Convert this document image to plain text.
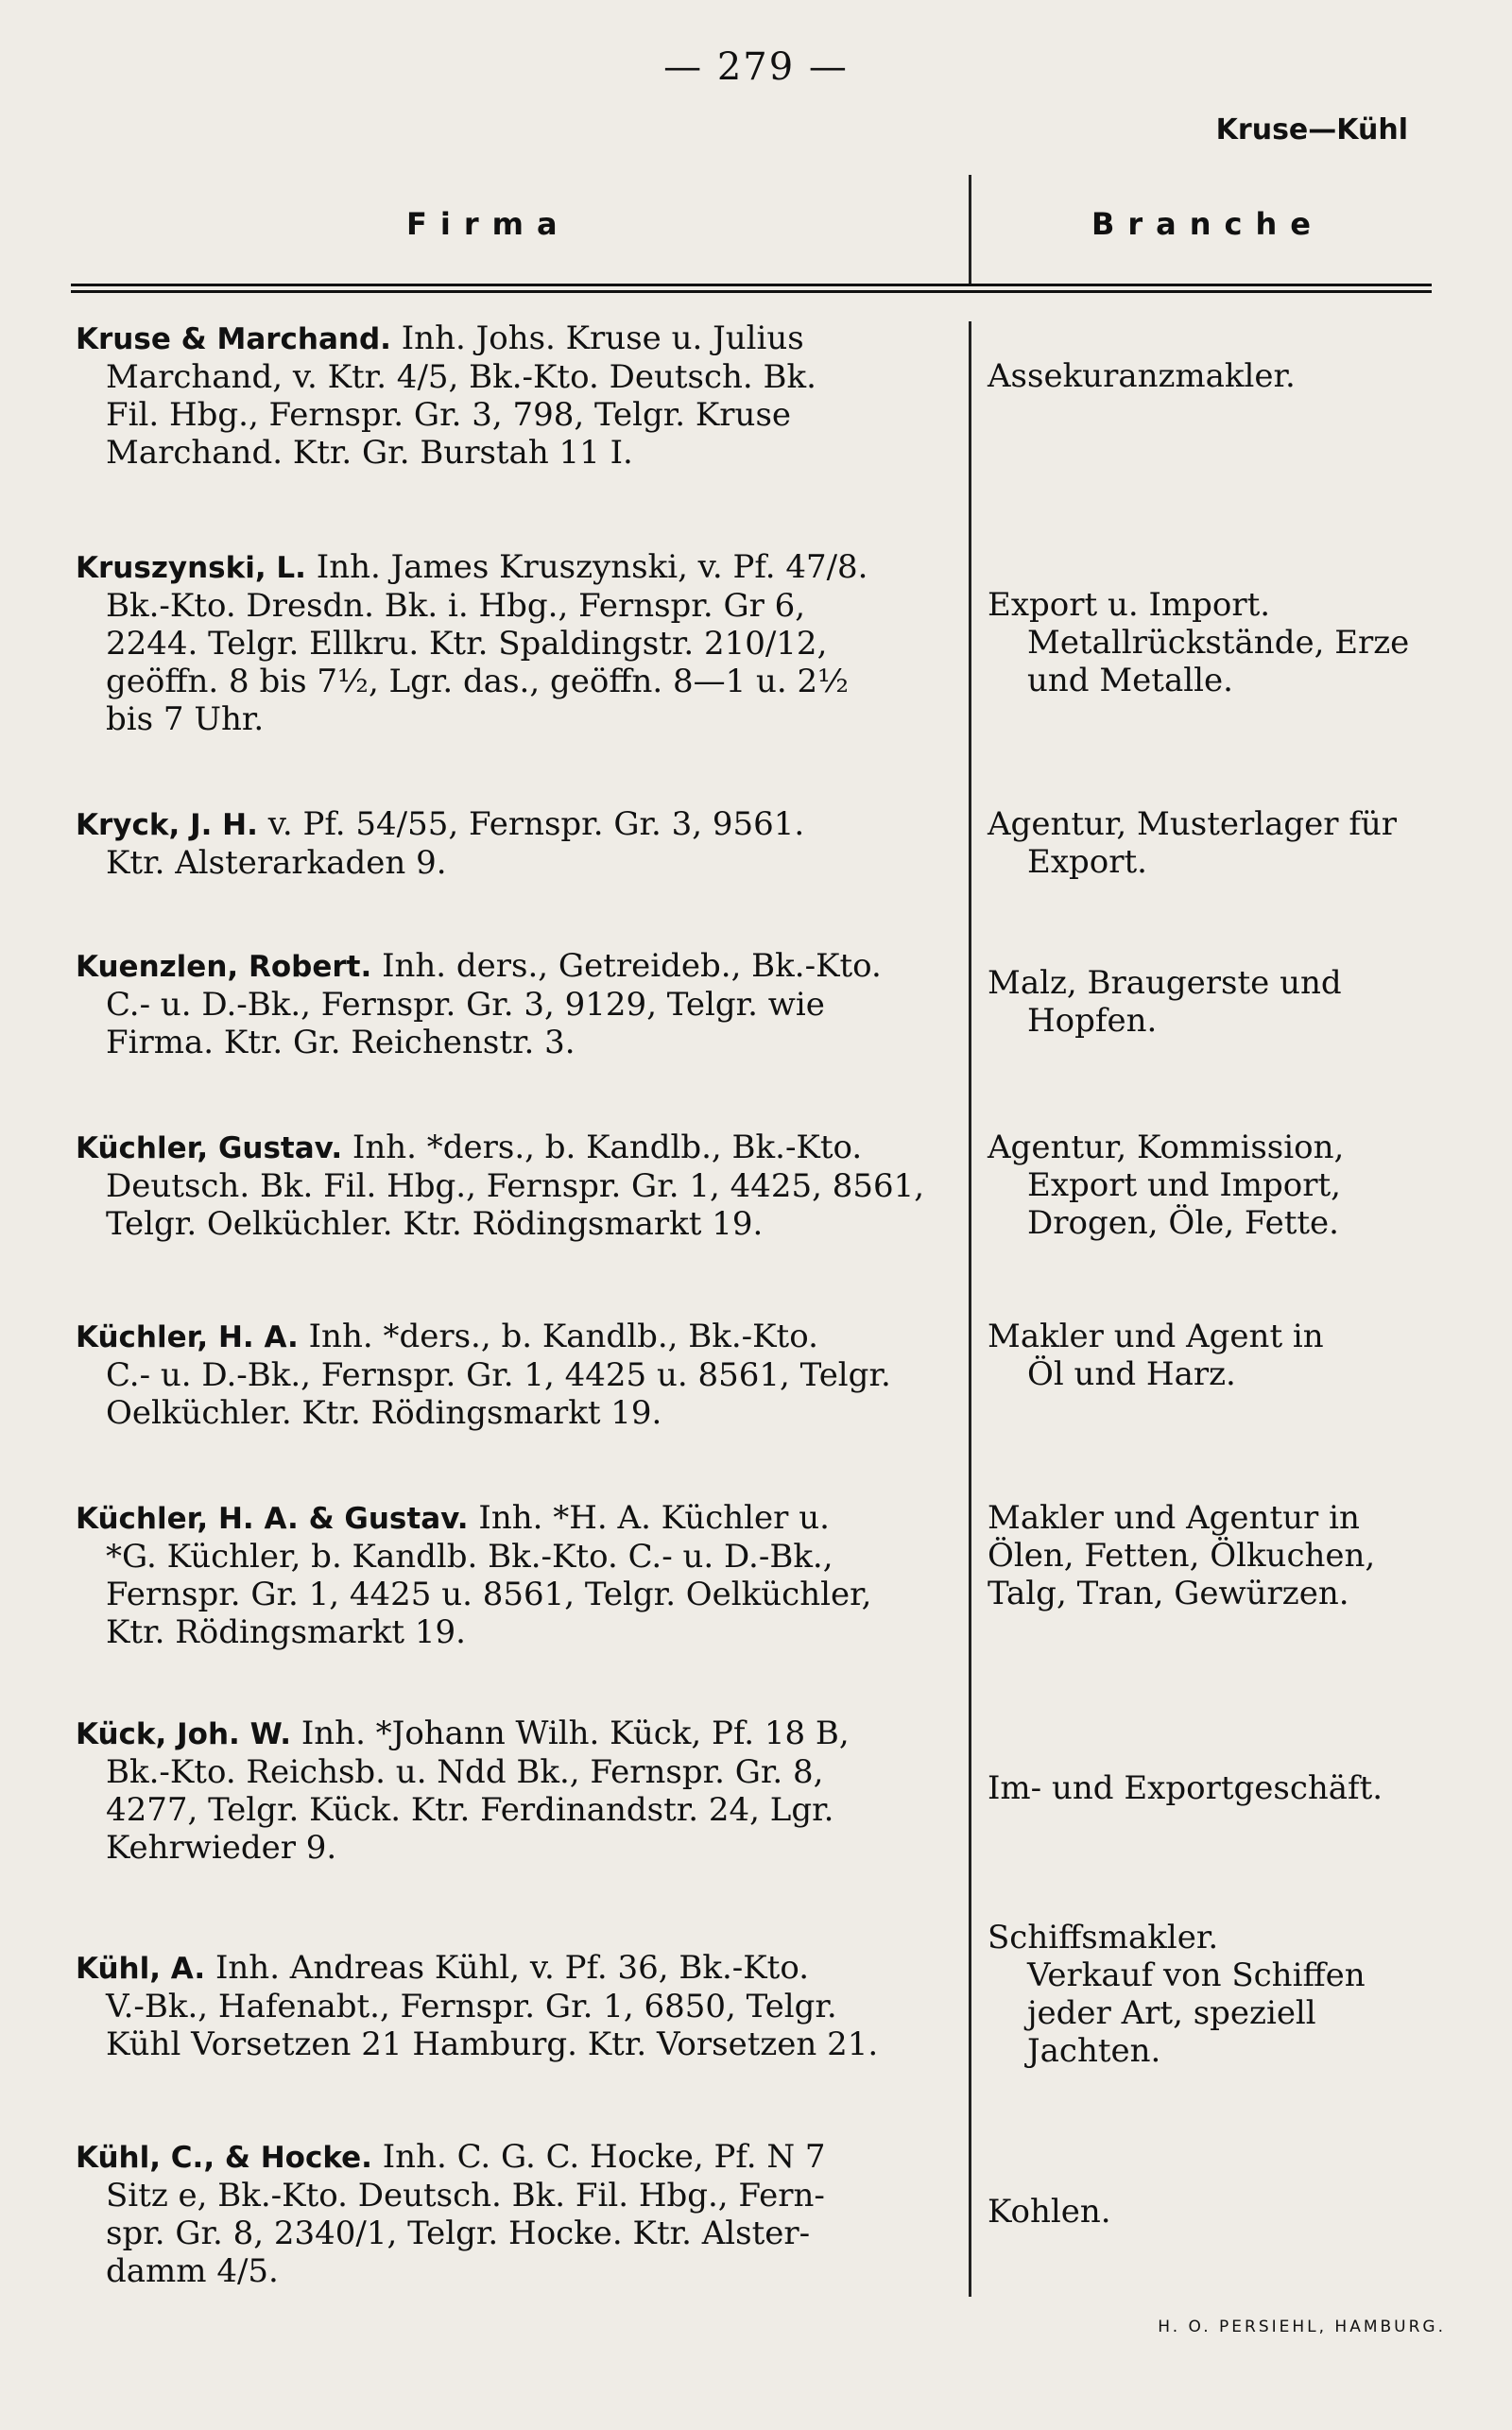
— 279 —
Kruse—Kühl
Firma	Branche
Kruse & Marchand. Inh. Johs. Kruse u. Julius
Marchand, v. Ktr. 4/5, Bk.-Kto. Deutsch. Bk.
Fil. Hbg., Fernspr. Gr. 3, 798, Telgr. Kruse
Marchand. Ktr. Gr. Burstah 11 I.
Assekuranzmakler.
Kruszynski, L. Inh. James Kruszynski, v. Pf. 47/8.
Bk.-Kto. Dresdn. Bk. i. Hbg., Fernspr. Gr 6,
2244. Telgr. Ellkru. Ktr. Spaldingstr. 210/12,
geöffn. 8 bis 7½, Lgr. das., geöffn. 8—1 u. 2½
bis 7 Uhr.
Export u. Import.
Metallrückstände, Erze
und Metalle.
Kryck, J. H. v. Pf. 54/55, Fernspr. Gr. 3, 9561.
Ktr. Alsterarkaden 9.
Agentur, Musterlager für
Export.
Kuenzlen, Robert. Inh. ders., Getreideb., Bk.-Kto.
C.- u. D.-Bk., Fernspr. Gr. 3, 9129, Telgr. wie
Firma. Ktr. Gr. Reichenstr. 3.
Malz, Braugerste und
Hopfen.
Küchler, Gustav. Inh. *ders., b. Kandlb., Bk.-Kto.
Deutsch. Bk. Fil. Hbg., Fernspr. Gr. 1, 4425, 8561,
Telgr. Oelküchler. Ktr. Rödingsmarkt 19.
Agentur, Kommission,
Export und Import,
Drogen, Öle, Fette.
Küchler, H. A. Inh. *ders., b. Kandlb., Bk.-Kto.
C.- u. D.-Bk., Fernspr. Gr. 1, 4425 u. 8561, Telgr.
Oelküchler. Ktr. Rödingsmarkt 19.
Makler und Agent in
Öl und Harz.
Küchler, H. A. & Gustav. Inh. *H. A. Küchler u.
*G. Küchler, b. Kandlb. Bk.-Kto. C.- u. D.-Bk.,
Fernspr. Gr. 1, 4425 u. 8561, Telgr. Oelküchler,
Ktr. Rödingsmarkt 19.
Makler und Agentur in
Ölen, Fetten, Ölkuchen,
Talg, Tran, Gewürzen.
Kück, Joh. W. Inh. *Johann Wilh. Kück, Pf. 18 B,
Bk.-Kto. Reichsb. u. Ndd Bk., Fernspr. Gr. 8,
4277, Telgr. Kück. Ktr. Ferdinandstr. 24, Lgr.
Kehrwieder 9.
Im- und Exportgeschäft.
Kühl, A. Inh. Andreas Kühl, v. Pf. 36, Bk.-Kto.
V.-Bk., Hafenabt., Fernspr. Gr. 1, 6850, Telgr.
Kühl Vorsetzen 21 Hamburg. Ktr. Vorsetzen 21.
Schiffsmakler.
Verkauf von Schiffen
jeder Art, speziell
Jachten.
Kühl, C., & Hocke. Inh. C. G. C. Hocke, Pf. N 7
Sitz e, Bk.-Kto. Deutsch. Bk. Fil. Hbg., Fern-
spr. Gr. 8, 2340/1, Telgr. Hocke. Ktr. Alster-
damm 4/5.
Kohlen.
H. O. PERSIEHL, HAMBURG.
